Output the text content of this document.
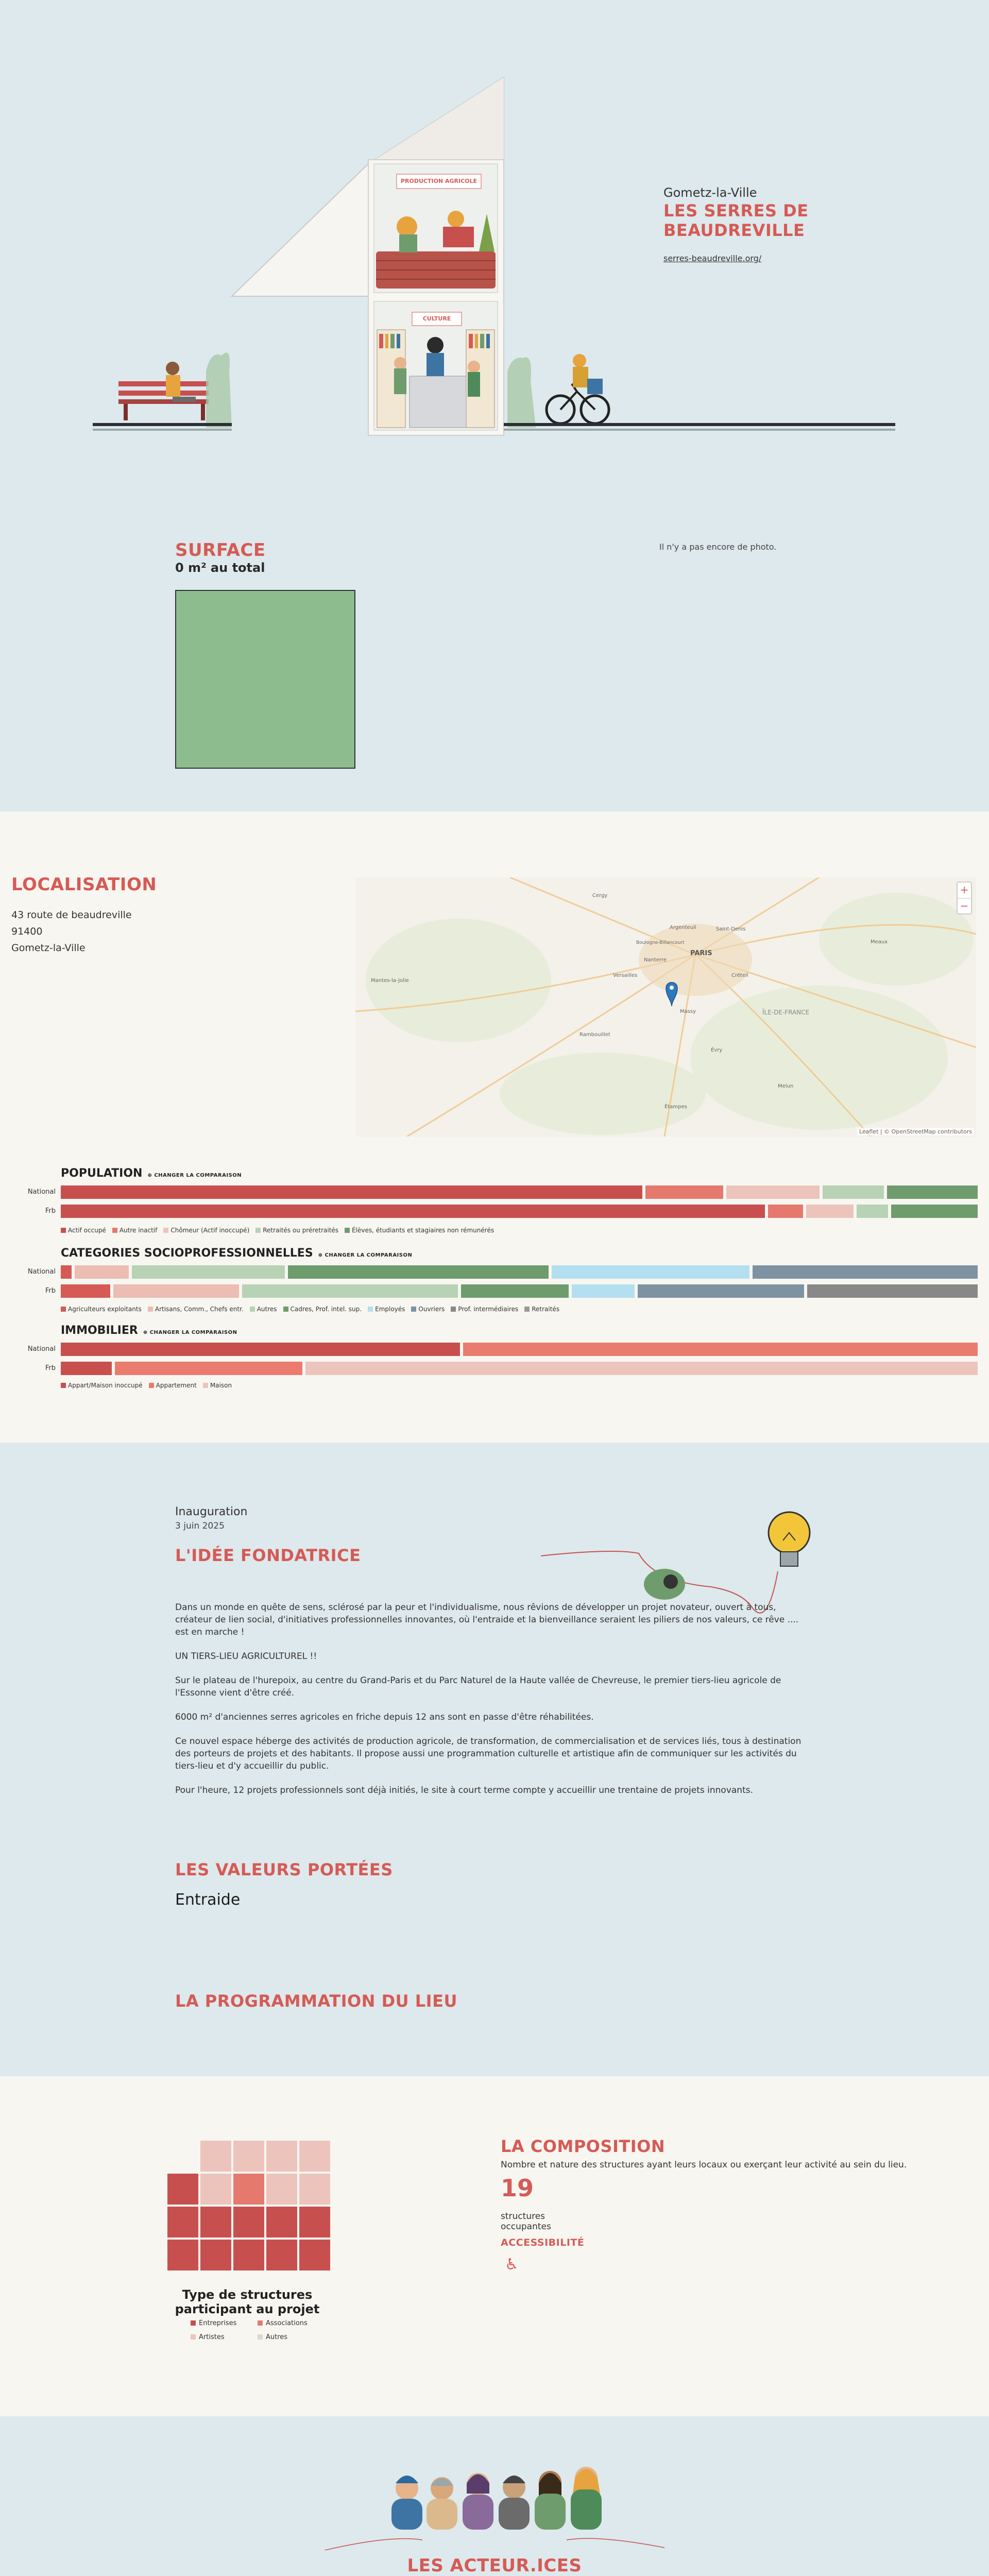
PRODUCTION AGRICOLE
CULTURE
Gometz-la-Ville
LES SERRES DE BEAUDREVILLE
serres-beaudreville.org/
SURFACE
0 m² au total
Il n'y a pas encore de photo.
LOCALISATION
43 route de beaudreville
91400
Gometz-la-Ville	PARIS
ÎLE-DE-FRANCE
Argenteuil	Saint-Denis
Boulogne-Billancourt
Versailles	Créteil
Rambouillet
Évry
Massy
Nanterre
Meaux
Melun
Étampes
Cergy
Mantes-la-Jolie
+
−
Leaflet | © OpenStreetMap contributors
POPULATION ⊕ CHANGER LA COMPARAISON
National
Frb
Actif occupé	Autre inactif	Chômeur (Actif inoccupé)	Retraités ou préretraités	Élèves, étudiants et stagiaires non rémunérés
CATEGORIES SOCIOPROFESSIONNELLES ⊕ CHANGER LA COMPARAISON
National
Frb
Agriculteurs exploitants	Artisans, Comm., Chefs entr.	Autres	Cadres, Prof. intel. sup.	Employés	Ouvriers	Prof. intermédiaires	Retraités
IMMOBILIER ⊕ CHANGER LA COMPARAISON
National
Frb
Appart/Maison inoccupé	Appartement	Maison
Inauguration
3 juin 2025
L'IDÉE FONDATRICE

Dans un monde en quête de sens, sclérosé par la peur et l'individualisme, nous rêvions de développer un projet novateur, ouvert à tous, créateur de lien social, d'initiatives professionnelles innovantes, où l'entraide et la bienveillance seraient les piliers de nos valeurs, ce rêve .... est en marche !

UN TIERS-LIEU AGRICULTUREL !!

Sur le plateau de l'hurepoix, au centre du Grand-Paris et du Parc Naturel de la Haute vallée de Chevreuse, le premier tiers-lieu agricole de l'Essonne vient d'être créé.

6000 m² d'anciennes serres agricoles en friche depuis 12 ans sont en passe d'être réhabilitées.

Ce nouvel espace héberge des activités de production agricole, de transformation, de commercialisation et de services liés, tous à destination des porteurs de projets et des habitants. Il propose aussi une programmation culturelle et artistique afin de communiquer sur les activités du tiers-lieu et d'y accueillir du public.

Pour l'heure, 12 projets professionnels sont déjà initiés, le site à court terme compte y accueillir une trentaine de projets innovants.

LES VALEURS PORTÉES
Entraide
LA PROGRAMMATION DU LIEU
Type de structures participant au projet
Entreprises	Associations
Artistes	Autres
LA COMPOSITION
Nombre et nature des structures ayant leurs locaux ou exerçant leur activité au sein du lieu.
19
structures
occupantes
ACCESSIBILITÉ
♿
LES ACTEUR.ICES
